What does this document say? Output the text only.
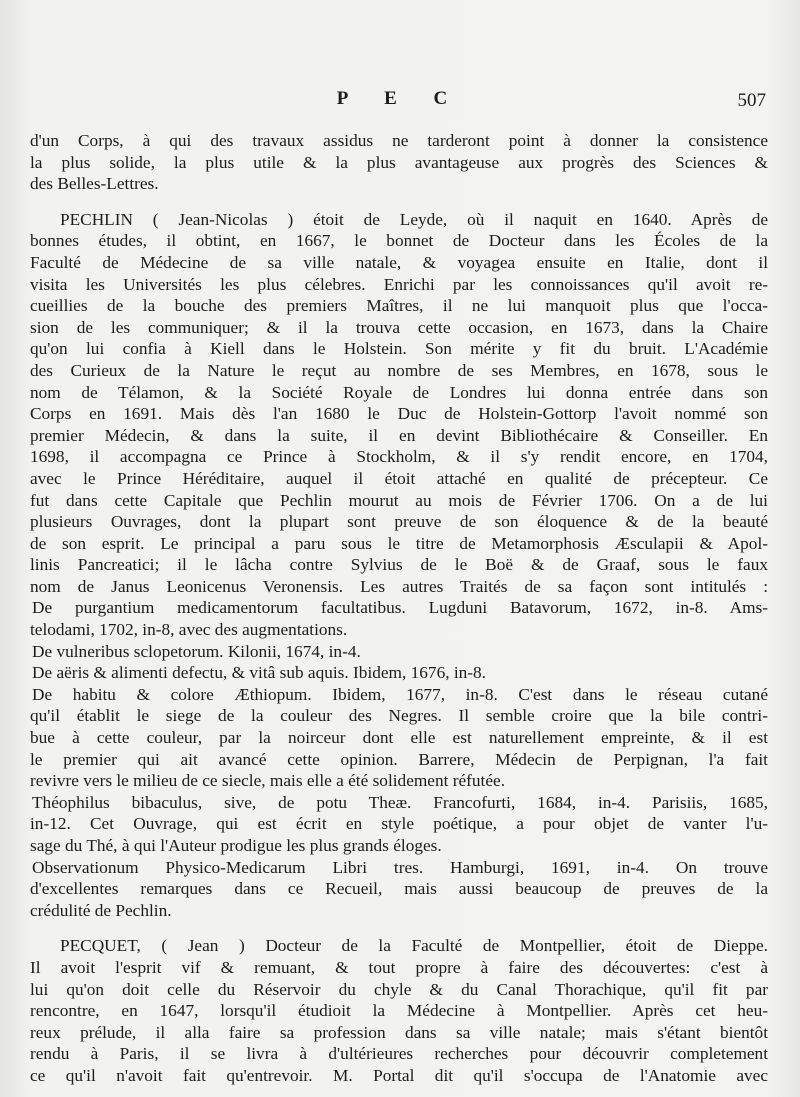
P E C	507
d'un Corps, à qui des travaux assidus ne tarderont point à donner la consistence
la plus solide, la plus utile & la plus avantageuse aux progrès des Sciences &
des Belles-Lettres.
PECHLIN ( Jean-Nicolas ) étoit de Leyde, où il naquit en 1640. Après de
bonnes études, il obtint, en 1667, le bonnet de Docteur dans les Écoles de la
Faculté de Médecine de sa ville natale, & voyagea ensuite en Italie, dont il
visita les Universités les plus célebres. Enrichi par les connoissances qu'il avoit re-
cueillies de la bouche des premiers Maîtres, il ne lui manquoit plus que l'occa-
sion de les communiquer; & il la trouva cette occasion, en 1673, dans la Chaire
qu'on lui confia à Kiell dans le Holstein. Son mérite y fit du bruit. L'Académie
des Curieux de la Nature le reçut au nombre de ses Membres, en 1678, sous le
nom de Télamon, & la Société Royale de Londres lui donna entrée dans son
Corps en 1691. Mais dès l'an 1680 le Duc de Holstein-Gottorp l'avoit nommé son
premier Médecin, & dans la suite, il en devint Bibliothécaire & Conseiller. En
1698, il accompagna ce Prince à Stockholm, & il s'y rendit encore, en 1704,
avec le Prince Héréditaire, auquel il étoit attaché en qualité de précepteur. Ce
fut dans cette Capitale que Pechlin mourut au mois de Février 1706. On a de lui
plusieurs Ouvrages, dont la plupart sont preuve de son éloquence & de la beauté
de son esprit. Le principal a paru sous le titre de Metamorphosis Æsculapii & Apol-
linis Pancreatici; il le lâcha contre Sylvius de le Boë & de Graaf, sous le faux
nom de Janus Leonicenus Veronensis. Les autres Traités de sa façon sont intitulés :
De purgantium medicamentorum facultatibus. Lugduni Batavorum, 1672, in-8. Ams-
telodami, 1702, in-8, avec des augmentations.
De vulneribus sclopetorum. Kilonii, 1674, in-4.
De aëris & alimenti defectu, & vitâ sub aquis. Ibidem, 1676, in-8.
De habitu & colore Æthiopum. Ibidem, 1677, in-8. C'est dans le réseau cutané
qu'il établit le siege de la couleur des Negres. Il semble croire que la bile contri-
bue à cette couleur, par la noirceur dont elle est naturellement empreinte, & il est
le premier qui ait avancé cette opinion. Barrere, Médecin de Perpignan, l'a fait
revivre vers le milieu de ce siecle, mais elle a été solidement réfutée.
Théophilus bibaculus, sive, de potu Theæ. Francofurti, 1684, in-4. Parisiis, 1685,
in-12. Cet Ouvrage, qui est écrit en style poétique, a pour objet de vanter l'u-
sage du Thé, à qui l'Auteur prodigue les plus grands éloges.
Observationum Physico-Medicarum Libri tres. Hamburgi, 1691, in-4. On trouve
d'excellentes remarques dans ce Recueil, mais aussi beaucoup de preuves de la
crédulité de Pechlin.
PECQUET, ( Jean ) Docteur de la Faculté de Montpellier, étoit de Dieppe.
Il avoit l'esprit vif & remuant, & tout propre à faire des découvertes: c'est à
lui qu'on doit celle du Réservoir du chyle & du Canal Thorachique, qu'il fit par
rencontre, en 1647, lorsqu'il étudioit la Médecine à Montpellier. Après cet heu-
reux prélude, il alla faire sa profession dans sa ville natale; mais s'étant bientôt
rendu à Paris, il se livra à d'ultérieures recherches pour découvrir completement
ce qu'il n'avoit fait qu'entrevoir. M. Portal dit qu'il s'occupa de l'Anatomie avec
